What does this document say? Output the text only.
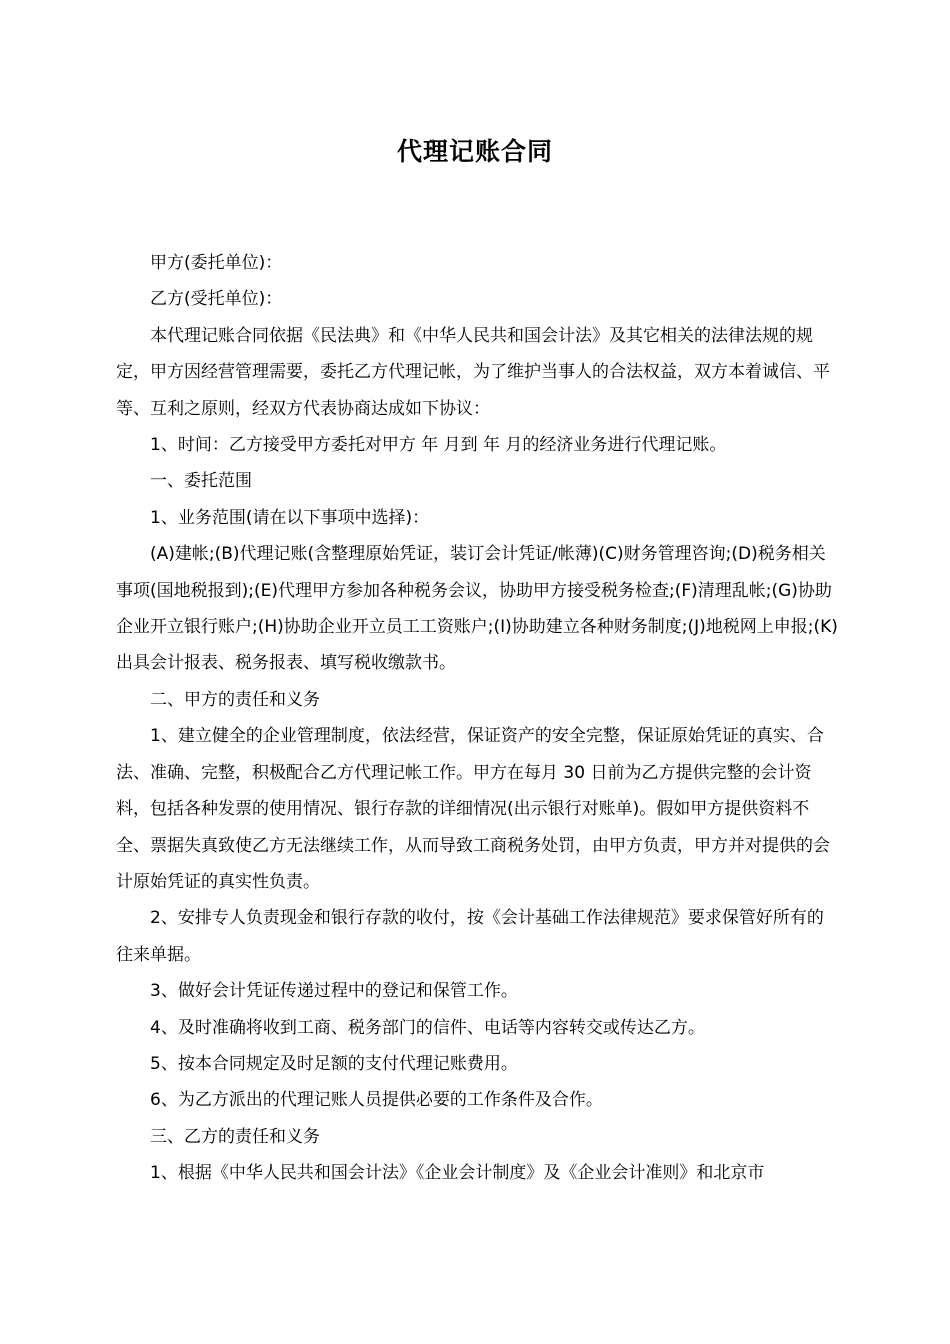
代理记账合同

甲方(委托单位)：

乙方(受托单位)：

本代理记账合同依据《民法典》和《中华人民共和国会计法》及其它相关的法律法规的规定，甲方因经营管理需要，委托乙方代理记帐，为了维护当事人的合法权益，双方本着诚信、平等、互利之原则，经双方代表协商达成如下协议：

1、时间：乙方接受甲方委托对甲方 年 月到 年 月的经济业务进行代理记账。

一、委托范围

1、业务范围(请在以下事项中选择)：

(A)建帐;(B)代理记账(含整理原始凭证，装订会计凭证/帐薄)(C)财务管理咨询;(D)税务相关事项(国地税报到);(E)代理甲方参加各种税务会议，协助甲方接受税务检查;(F)清理乱帐;(G)协助企业开立银行账户;(H)协助企业开立员工工资账户;(I)协助建立各种财务制度;(J)地税网上申报;(K)出具会计报表、税务报表、填写税收缴款书。

二、甲方的责任和义务

1、建立健全的企业管理制度，依法经营，保证资产的安全完整，保证原始凭证的真实、合法、准确、完整，积极配合乙方代理记帐工作。甲方在每月 30 日前为乙方提供完整的会计资料，包括各种发票的使用情况、银行存款的详细情况(出示银行对账单)。假如甲方提供资料不全、票据失真致使乙方无法继续工作，从而导致工商税务处罚，由甲方负责，甲方并对提供的会计原始凭证的真实性负责。

2、安排专人负责现金和银行存款的收付，按《会计基础工作法律规范》要求保管好所有的往来单据。

3、做好会计凭证传递过程中的登记和保管工作。

4、及时准确将收到工商、税务部门的信件、电话等内容转交或传达乙方。

5、按本合同规定及时足额的支付代理记账费用。

6、为乙方派出的代理记账人员提供必要的工作条件及合作。

三、乙方的责任和义务

1、根据《中华人民共和国会计法》《企业会计制度》及《企业会计准则》和北京市
